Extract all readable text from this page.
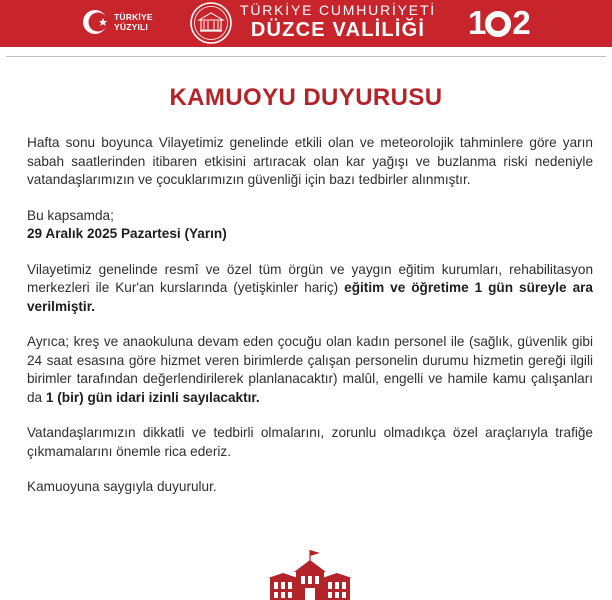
TÜRKİYE
YÜZYILI
TÜRKİYE CUMHURİYETİ
DÜZCE VALİLİĞİ	1 2
KAMUOYU DUYURUSU

Hafta sonu boyunca Vilayetimiz genelinde etkili olan ve meteorolojik tahminlere göre yarın sabah saatlerinden itibaren etkisini artıracak olan kar yağışı ve buzlanma riski nedeniyle vatandaşlarımızın ve çocuklarımızın güvenliği için bazı tedbirler alınmıştır.

Bu kapsamda;

29 Aralık 2025 Pazartesi (Yarın)

Vilayetimiz genelinde resmî ve özel tüm örgün ve yaygın eğitim kurumları, rehabilitasyon merkezleri ile Kur'an kurslarında (yetişkinler hariç) eğitim ve öğretime 1 gün süreyle ara verilmiştir.

Ayrıca; kreş ve anaokuluna devam eden çocuğu olan kadın personel ile (sağlık, güvenlik gibi 24 saat esasına göre hizmet veren birimlerde çalışan personelin durumu hizmetin gereği ilgili birimler tarafından değerlendirilerek planlanacaktır) malûl, engelli ve hamile kamu çalışanları da 1 (bir) gün idari izinli sayılacaktır.

Vatandaşlarımızın dikkatli ve tedbirli olmalarını, zorunlu olmadıkça özel araçlarıyla trafiğe çıkmamalarını önemle rica ederiz.

Kamuoyuna saygıyla duyurulur.
